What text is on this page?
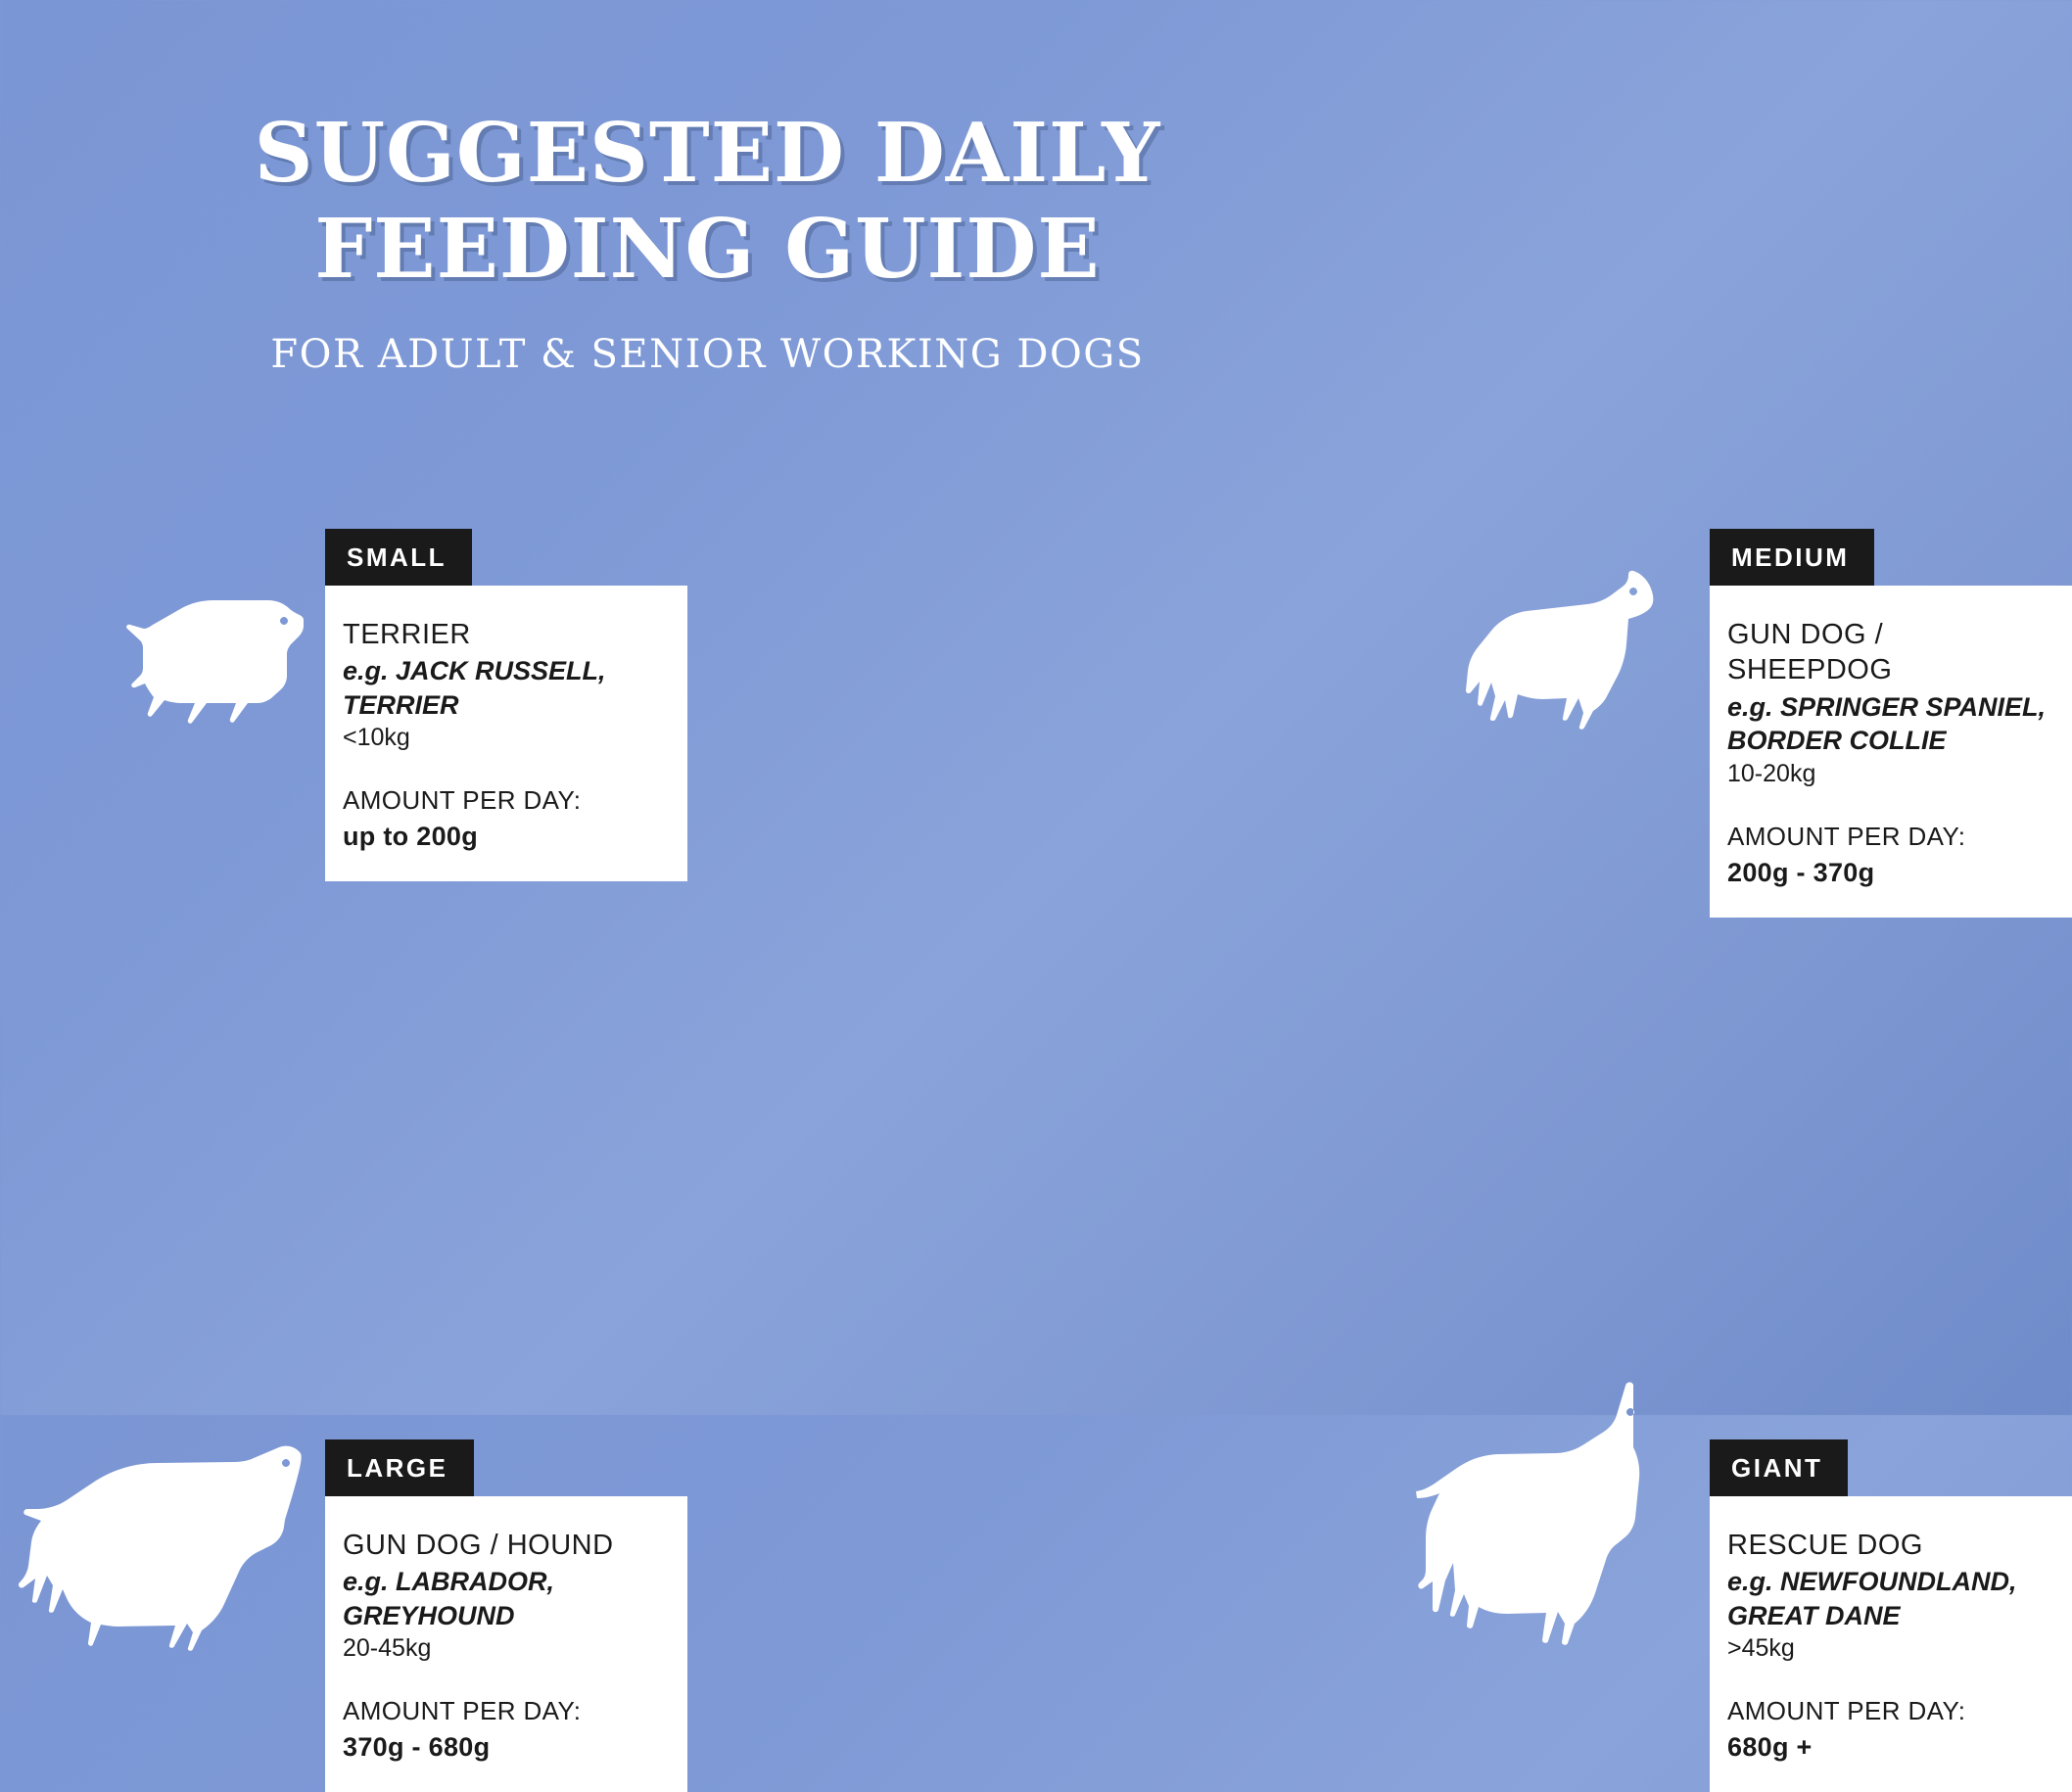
SUGGESTED DAILY
FEEDING GUIDE
FOR ADULT & SENIOR WORKING DOGS
SMALL
TERRIER
e.g. JACK RUSSELL, TERRIER
<10kg
AMOUNT PER DAY:
up to 200g
MEDIUM
GUN DOG / SHEEPDOG
e.g. SPRINGER SPANIEL, BORDER COLLIE
10-20kg
AMOUNT PER DAY:
200g - 370g
LARGE
GUN DOG / HOUND
e.g. LABRADOR, GREYHOUND
20-45kg
AMOUNT PER DAY:
370g - 680g
GIANT
RESCUE DOG
e.g. NEWFOUNDLAND, GREAT DANE
>45kg
AMOUNT PER DAY:
680g +
